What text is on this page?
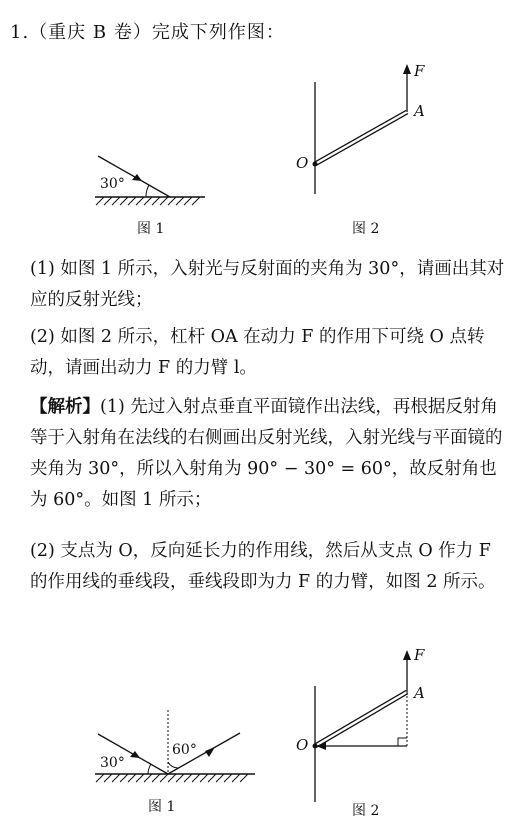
1.（重庆 B 卷）完成下列作图：
30°
图 1
F
A
O
图 2
(1) 如图 1 所示，入射光与反射面的夹角为 30°，请画出其对应的反射光线；
(2) 如图 2 所示，杠杆 OA 在动力 F 的作用下可绕 O 点转动，请画出动力 F 的力臂 l。
【解析】(1) 先过入射点垂直平面镜作出法线，再根据反射角等于入射角在法线的右侧画出反射光线，入射光线与平面镜的夹角为 30°，所以入射角为 90° − 30° = 60°，故反射角也为 60°。如图 1 所示；
(2) 支点为 O，反向延长力的作用线，然后从支点 O 作力 F 的作用线的垂线段，垂线段即为力 F 的力臂，如图 2 所示。
30°
60°
图 1
F
A
O
图 2
